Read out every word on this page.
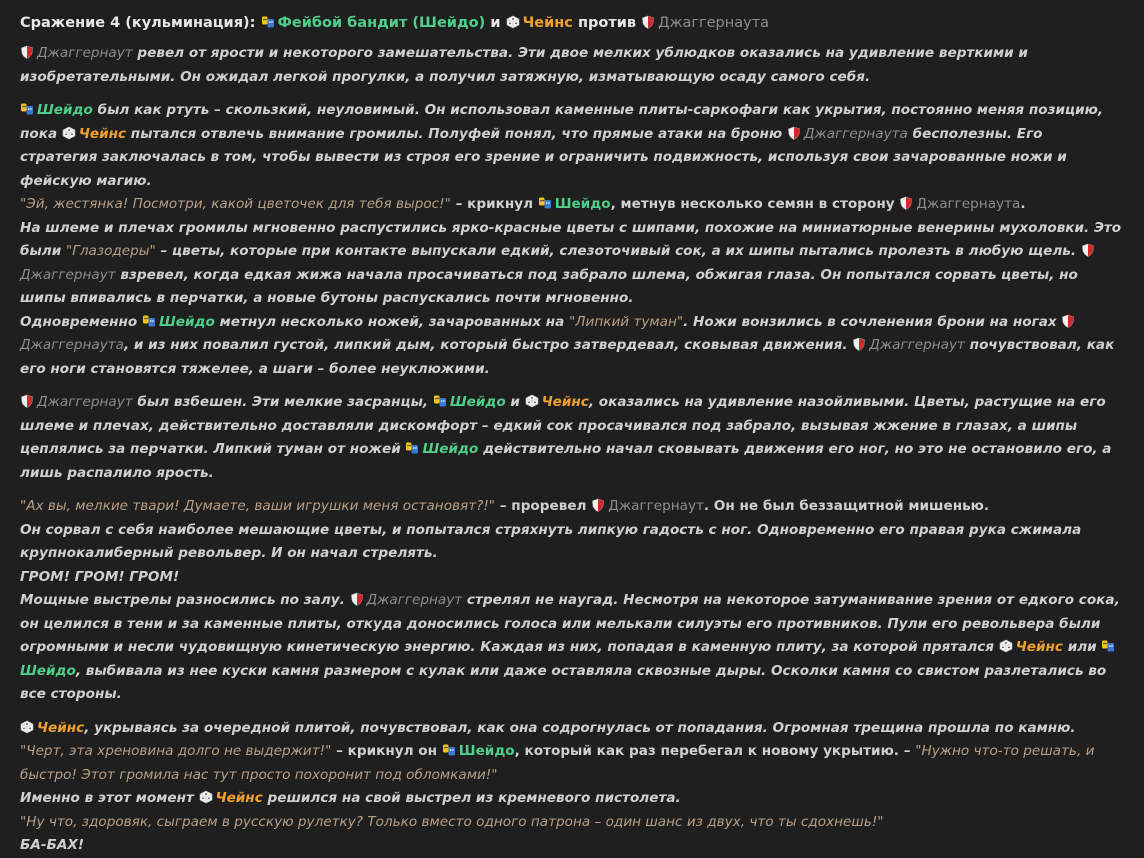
Сражение 4 (кульминация): Фейбой бандит (Шейдо) и Чейнс против Джаггернаута

Джаггернаут ревел от ярости и некоторого замешательства. Эти двое мелких ублюдков оказались на удивление верткими и изобретательными. Он ожидал легкой прогулки, а получил затяжную, изматывающую осаду самого себя.

Шейдо был как ртуть – скользкий, неуловимый. Он использовал каменные плиты-саркофаги как укрытия, постоянно меняя позицию, пока Чейнс пытался отвлечь внимание громилы. Полуфей понял, что прямые атаки на броню Джаггернаута бесполезны. Его стратегия заключалась в том, чтобы вывести из строя его зрение и ограничить подвижность, используя свои зачарованные ножи и фейскую магию.
"Эй, жестянка! Посмотри, какой цветочек для тебя вырос!" – крикнул Шейдо, метнув несколько семян в сторону Джаггернаута.
На шлеме и плечах громилы мгновенно распустились ярко-красные цветы с шипами, похожие на миниатюрные венерины мухоловки. Это были "Глазодеры" – цветы, которые при контакте выпускали едкий, слезоточивый сок, а их шипы пытались пролезть в любую щель. Джаггернаут взревел, когда едкая жижа начала просачиваться под забрало шлема, обжигая глаза. Он попытался сорвать цветы, но шипы впивались в перчатки, а новые бутоны распускались почти мгновенно.
Одновременно Шейдо метнул несколько ножей, зачарованных на "Липкий туман". Ножи вонзились в сочленения брони на ногах Джаггернаута, и из них повалил густой, липкий дым, который быстро затвердевал, сковывая движения. Джаггернаут почувствовал, как его ноги становятся тяжелее, а шаги – более неуклюжими.

Джаггернаут был взбешен. Эти мелкие засранцы, Шейдо и Чейнс, оказались на удивление назойливыми. Цветы, растущие на его шлеме и плечах, действительно доставляли дискомфорт – едкий сок просачивался под забрало, вызывая жжение в глазах, а шипы цеплялись за перчатки. Липкий туман от ножей Шейдо действительно начал сковывать движения его ног, но это не остановило его, а лишь распалило ярость.

"Ах вы, мелкие твари! Думаете, ваши игрушки меня остановят?!" – проревел Джаггернаут. Он не был беззащитной мишенью.
Он сорвал с себя наиболее мешающие цветы, и попытался стряхнуть липкую гадость с ног. Одновременно его правая рука сжимала крупнокалиберный револьвер. И он начал стрелять.
ГРОМ! ГРОМ! ГРОМ!
Мощные выстрелы разносились по залу. Джаггернаут стрелял не наугад. Несмотря на некоторое затуманивание зрения от едкого сока, он целился в тени и за каменные плиты, откуда доносились голоса или мелькали силуэты его противников. Пули его револьвера были огромными и несли чудовищную кинетическую энергию. Каждая из них, попадая в каменную плиту, за которой прятался Чейнс или Шейдо, выбивала из нее куски камня размером с кулак или даже оставляла сквозные дыры. Осколки камня со свистом разлетались во все стороны.

Чейнс, укрываясь за очередной плитой, почувствовал, как она содрогнулась от попадания. Огромная трещина прошла по камню.
"Черт, эта хреновина долго не выдержит!" – крикнул он Шейдо, который как раз перебегал к новому укрытию. – "Нужно что-то решать, и быстро! Этот громила нас тут просто похоронит под обломками!"
Именно в этот момент Чейнс решился на свой выстрел из кремневого пистолета.
"Ну что, здоровяк, сыграем в русскую рулетку? Только вместо одного патрона – один шанс из двух, что ты сдохнешь!"
БА-БАХ!
